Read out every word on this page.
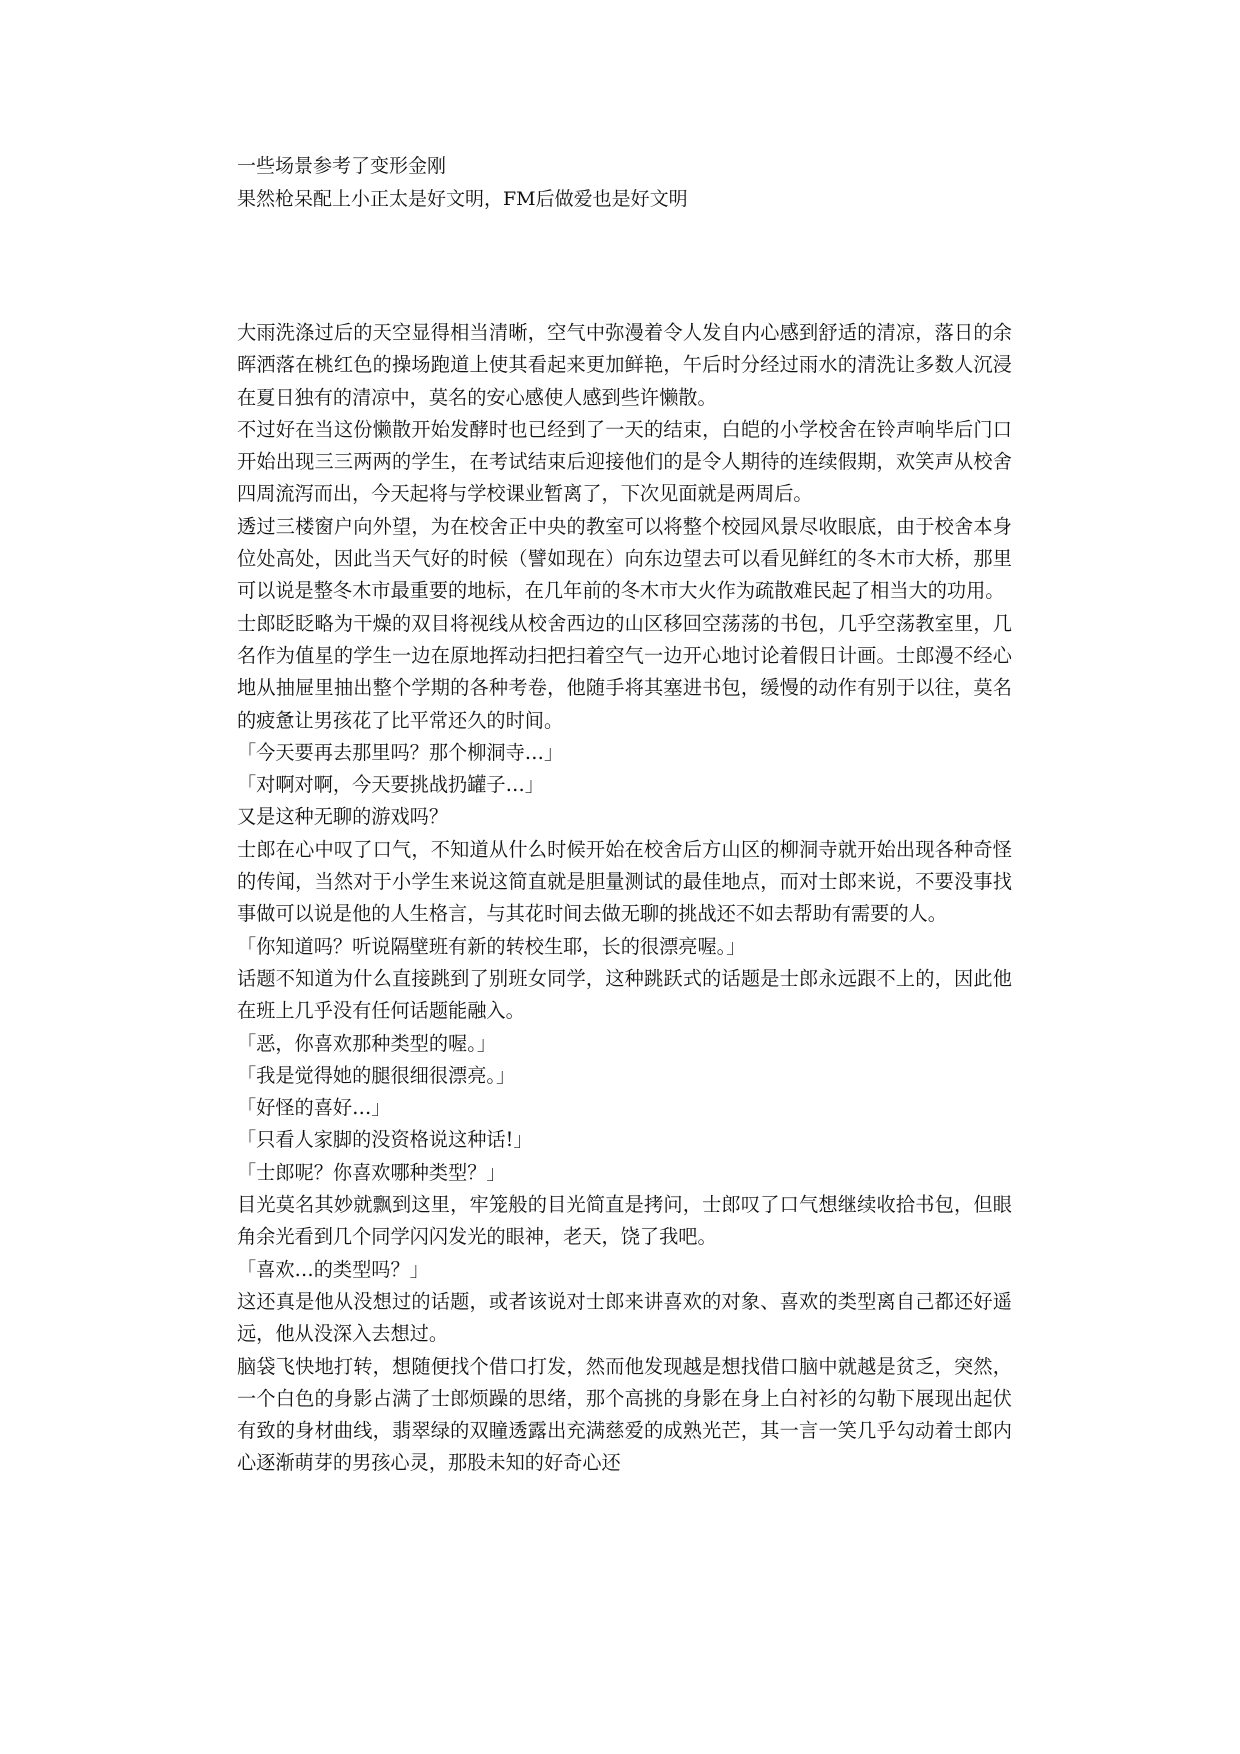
一些场景参考了变形金刚

果然枪呆配上小正太是好文明，FM后做爱也是好文明

大雨洗涤过后的天空显得相当清晰，空气中弥漫着令人发自内心感到舒适的清凉，落日的余晖洒落在桃红色的操场跑道上使其看起来更加鲜艳，午后时分经过雨水的清洗让多数人沉浸在夏日独有的清凉中，莫名的安心感使人感到些许懒散。

不过好在当这份懒散开始发酵时也已经到了一天的结束，白皑的小学校舍在铃声响毕后门口开始出现三三两两的学生，在考试结束后迎接他们的是令人期待的连续假期，欢笑声从校舍四周流泻而出，今天起将与学校课业暂离了，下次见面就是两周后。

透过三楼窗户向外望，为在校舍正中央的教室可以将整个校园风景尽收眼底，由于校舍本身位处高处，因此当天气好的时候（譬如现在）向东边望去可以看见鲜红的冬木市大桥，那里可以说是整冬木市最重要的地标，在几年前的冬木市大火作为疏散难民起了相当大的功用。

士郎眨眨略为干燥的双目将视线从校舍西边的山区移回空荡荡的书包，几乎空荡教室里，几名作为值星的学生一边在原地挥动扫把扫着空气一边开心地讨论着假日计画。士郎漫不经心地从抽屉里抽出整个学期的各种考卷，他随手将其塞进书包，缓慢的动作有别于以往，莫名的疲惫让男孩花了比平常还久的时间。

「今天要再去那里吗？那个柳洞寺…」

「对啊对啊，今天要挑战扔罐子…」

又是这种无聊的游戏吗？

士郎在心中叹了口气，不知道从什么时候开始在校舍后方山区的柳洞寺就开始出现各种奇怪的传闻，当然对于小学生来说这简直就是胆量测试的最佳地点，而对士郎来说，不要没事找事做可以说是他的人生格言，与其花时间去做无聊的挑战还不如去帮助有需要的人。

「你知道吗？听说隔壁班有新的转校生耶，长的很漂亮喔。」

话题不知道为什么直接跳到了别班女同学，这种跳跃式的话题是士郎永远跟不上的，因此他在班上几乎没有任何话题能融入。

「恶，你喜欢那种类型的喔。」

「我是觉得她的腿很细很漂亮。」

「好怪的喜好…」

「只看人家脚的没资格说这种话!」

「士郎呢？你喜欢哪种类型？」

目光莫名其妙就飘到这里，牢笼般的目光简直是拷问，士郎叹了口气想继续收拾书包，但眼角余光看到几个同学闪闪发光的眼神，老天，饶了我吧。

「喜欢…的类型吗？」

这还真是他从没想过的话题，或者该说对士郎来讲喜欢的对象、喜欢的类型离自己都还好遥远，他从没深入去想过。

脑袋飞快地打转，想随便找个借口打发，然而他发现越是想找借口脑中就越是贫乏，突然，一个白色的身影占满了士郎烦躁的思绪，那个高挑的身影在身上白衬衫的勾勒下展现出起伏有致的身材曲线，翡翠绿的双瞳透露出充满慈爱的成熟光芒，其一言一笑几乎勾动着士郎内心逐渐萌芽的男孩心灵，那股未知的好奇心还
